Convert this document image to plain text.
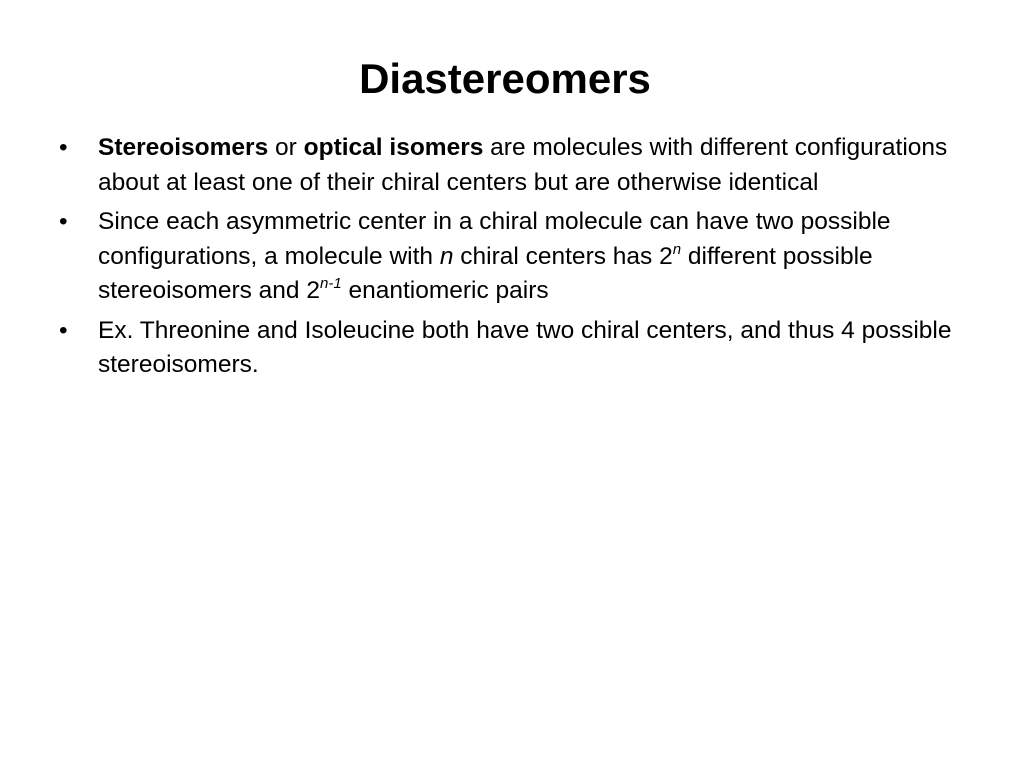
Diastereomers
•	Stereoisomers or optical isomers are molecules with different configurations about at least one of their chiral centers but are otherwise identical
•	Since each asymmetric center in a chiral molecule can have two possible configurations, a molecule with n chiral centers has 2$^n$ different possible stereoisomers and 2$^{n-1}$ enantiomeric pairs
•	Ex. Threonine and Isoleucine both have two chiral centers, and thus 4 possible stereoisomers.
